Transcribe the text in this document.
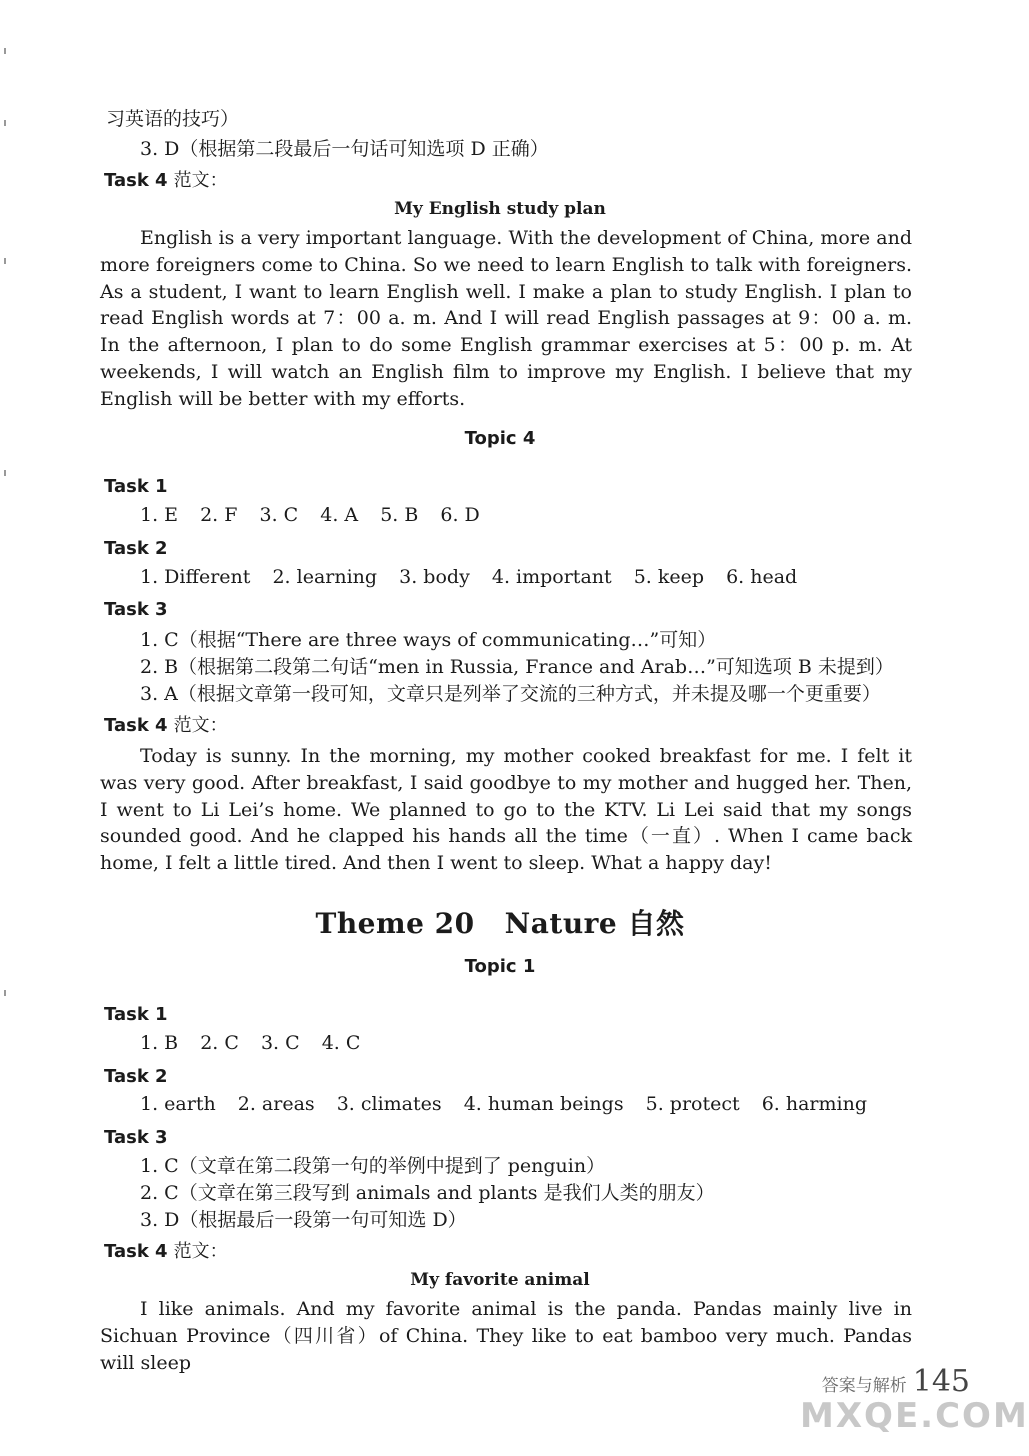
习英语的技巧）
3. D（根据第二段最后一句话可知选项 D 正确）
Task 4 范文：
My English study plan
English is a very important language. With the development of China, more and more foreigners come to China. So we need to learn English to talk with foreigners. As a student, I want to learn English well. I make a plan to study English. I plan to read English words at 7：00 a. m. And I will read English passages at 9：00 a. m. In the afternoon, I plan to do some English grammar exercises at 5：00 p. m. At weekends, I will watch an English film to improve my English. I believe that my English will be better with my efforts.
Topic 4
Task 1
1. E 2. F 3. C 4. A 5. B 6. D
Task 2
1. Different 2. learning 3. body 4. important 5. keep 6. head
Task 3
1. C（根据“There are three ways of communicating…”可知）
2. B（根据第二段第二句话“men in Russia, France and Arab…”可知选项 B 未提到）
3. A（根据文章第一段可知，文章只是列举了交流的三种方式，并未提及哪一个更重要）
Task 4 范文：
Today is sunny. In the morning, my mother cooked breakfast for me. I felt it was very good. After breakfast, I said goodbye to my mother and hugged her. Then, I went to Li Lei’s home. We planned to go to the KTV. Li Lei said that my songs sounded good. And he clapped his hands all the time（一直）. When I came back home, I felt a little tired. And then I went to sleep. What a happy day!
Theme 20 Nature 自然
Topic 1
Task 1
1. B 2. C 3. C 4. C
Task 2
1. earth 2. areas 3. climates 4. human beings 5. protect 6. harming
Task 3
1. C（文章在第二段第一句的举例中提到了 penguin）
2. C（文章在第三段写到 animals and plants 是我们人类的朋友）
3. D（根据最后一段第一句可知选 D）
Task 4 范文：
My favorite animal
I like animals. And my favorite animal is the panda. Pandas mainly live in Sichuan Province（四川省）of China. They like to eat bamboo very much. Pandas will sleep
答案与解析 145
MXQE.COM
